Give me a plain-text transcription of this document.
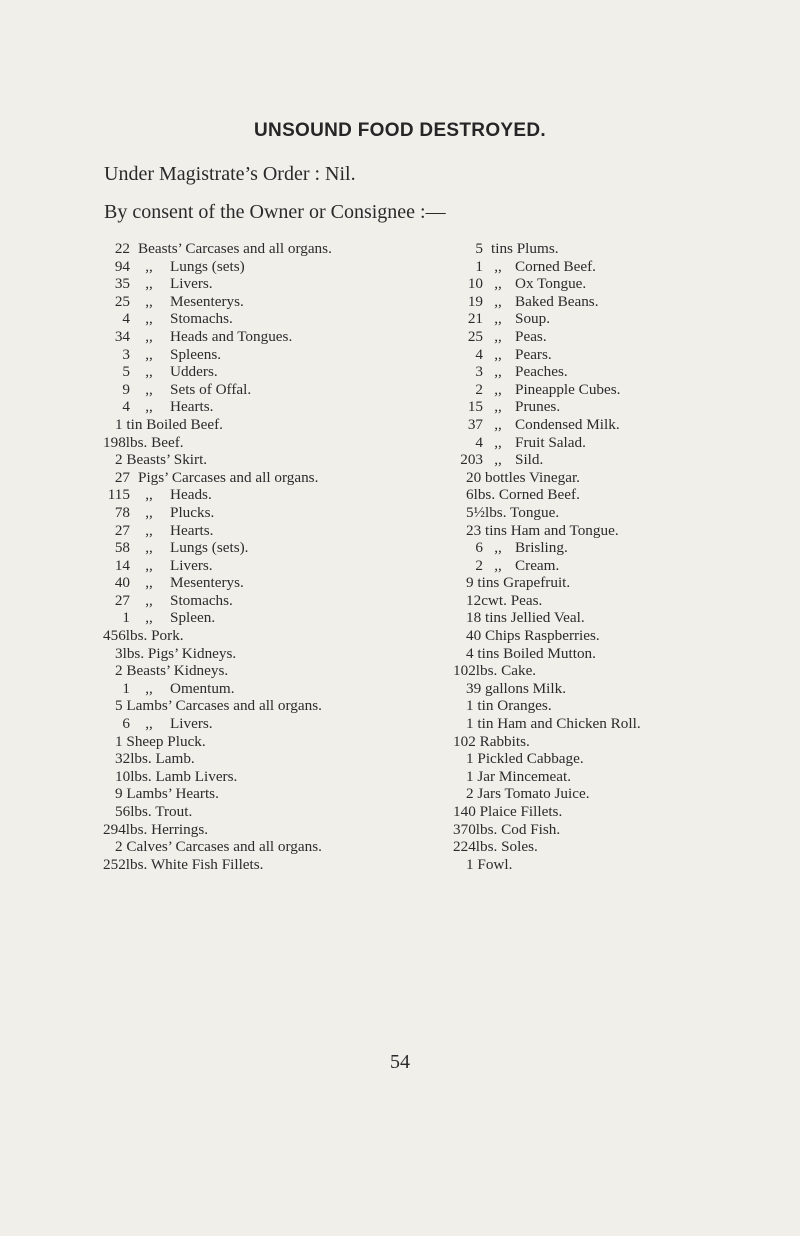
UNSOUND FOOD DESTROYED.
Under Magistrate’s Order : Nil.
By consent of the Owner or Consignee :—
22 Beasts’ Carcases and all organs.
94	,,	Lungs (sets)
35	,,	Livers.
25	,,	Mesenterys.
4	,,	Stomachs.
34	,,	Heads and Tongues.
3	,,	Spleens.
5	,,	Udders.
9	,,	Sets of Offal.
4	,,	Hearts.
1 tin Boiled Beef.
198lbs. Beef.
2 Beasts’ Skirt.
27 Pigs’ Carcases and all organs.
115	,,	Heads.
78	,,	Plucks.
27	,,	Hearts.
58	,,	Lungs (sets).
14	,,	Livers.
40	,,	Mesenterys.
27	,,	Stomachs.
1	,,	Spleen.
456lbs. Pork.
3lbs. Pigs’ Kidneys.
2 Beasts’ Kidneys.
1	,,	Omentum.
5 Lambs’ Carcases and all organs.
6	,,	Livers.
1 Sheep Pluck.
32lbs. Lamb.
10lbs. Lamb Livers.
9 Lambs’ Hearts.
56lbs. Trout.
294lbs. Herrings.
2 Calves’ Carcases and all organs.
252lbs. White Fish Fillets.
5 tins Plums.
1 ,, Corned Beef.
10 ,, Ox Tongue.
19 ,, Baked Beans.
21 ,, Soup.
25 ,, Peas.
4 ,, Pears.
3 ,, Peaches.
2 ,, Pineapple Cubes.
15 ,, Prunes.
37 ,, Condensed Milk.
4 ,, Fruit Salad.
203 ,, Sild.
20 bottles Vinegar.
6lbs. Corned Beef.
5½lbs. Tongue.
23 tins Ham and Tongue.
6 ,, Brisling.
2 ,, Cream.
9 tins Grapefruit.
12cwt. Peas.
18 tins Jellied Veal.
40 Chips Raspberries.
4 tins Boiled Mutton.
102lbs. Cake.
39 gallons Milk.
1 tin Oranges.
1 tin Ham and Chicken Roll.
102 Rabbits.
1 Pickled Cabbage.
1 Jar Mincemeat.
2 Jars Tomato Juice.
140 Plaice Fillets.
370lbs. Cod Fish.
224lbs. Soles.
1 Fowl.
54
